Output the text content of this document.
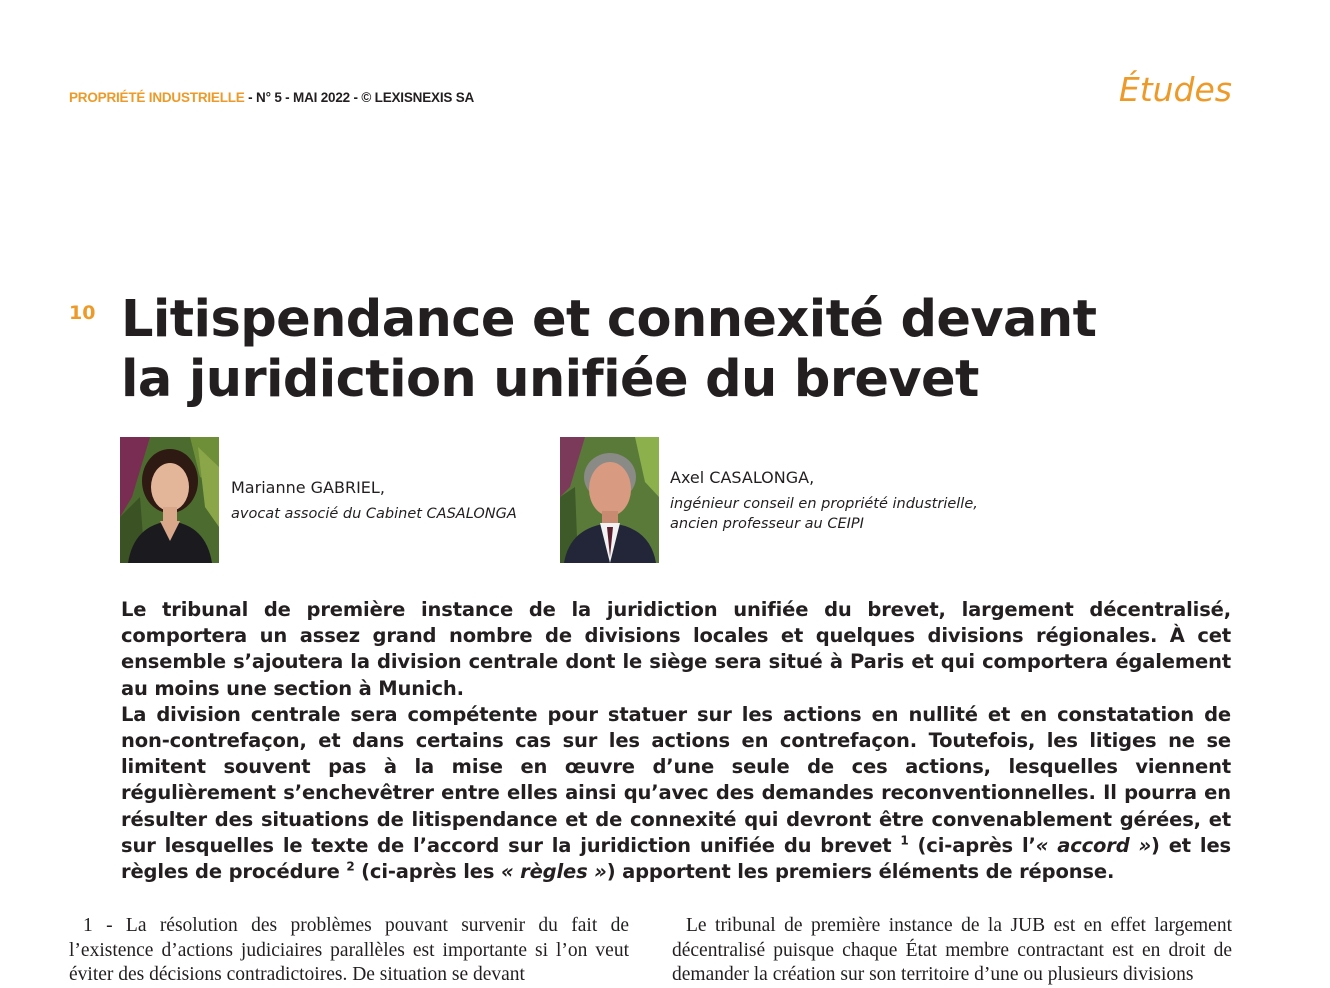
PROPRIÉTÉ INDUSTRIELLE - N° 5 - MAI 2022 - © LEXISNEXIS SA	Études
10 Litispendance et connexité devant
la juridiction unifiée du brevet
Marianne GABRIEL,
avocat associé du Cabinet CASALONGA
Axel CASALONGA,
ingénieur conseil en propriété industrielle,
ancien professeur au CEIPI

Le tribunal de première instance de la juridiction unifiée du brevet, largement décentralisé, comportera un assez grand nombre de divisions locales et quelques divisions régionales. À cet ensemble s’ajoutera la division centrale dont le siège sera situé à Paris et qui comportera également au moins une section à Munich.

La division centrale sera compétente pour statuer sur les actions en nullité et en constatation de non-contrefaçon, et dans certains cas sur les actions en contrefaçon. Toutefois, les litiges ne se limitent souvent pas à la mise en œuvre d’une seule de ces actions, lesquelles viennent régulièrement s’enchevêtrer entre elles ainsi qu’avec des demandes reconventionnelles. Il pourra en résulter des situations de litispendance et de connexité qui devront être convenablement gérées, et sur lesquelles le texte de l’accord sur la juridiction unifiée du brevet $^1$ (ci-après l’« accord ») et les règles de procédure $^2$ (ci-après les « règles ») apportent les premiers éléments de réponse.

1 - La résolution des problèmes pouvant survenir du fait de l’existence d’actions judiciaires parallèles est importante si l’on veut éviter des décisions contradictoires. De situation se devant

Le tribunal de première instance de la JUB est en effet largement décentralisé puisque chaque État membre contractant est en droit de demander la création sur son territoire d’une ou plusieurs divisions
